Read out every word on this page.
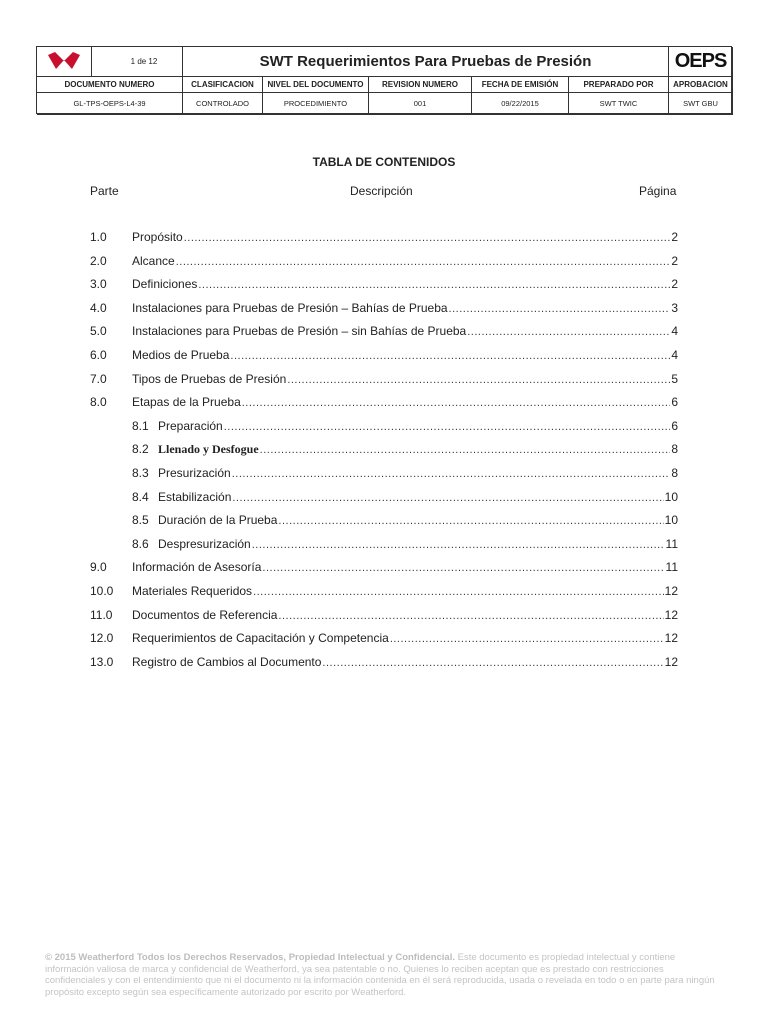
1 de 12	SWT Requerimientos Para Pruebas de Presión	OEPS
DOCUMENTO NUMERO	CLASIFICACION	NIVEL DEL DOCUMENTO	REVISION NUMERO	FECHA DE EMISIÓN	PREPARADO POR	APROBACION
GL-TPS-OEPS-L4-39	CONTROLADO	PROCEDIMIENTO	001	09/22/2015	SWT TWIC	SWT GBU
TABLA DE CONTENIDOS
Parte	Descripción	Página
1.0 Propósito .....	2
2.0 Alcance .....	2
3.0 Definiciones .....	2
4.0 Instalaciones para Pruebas de Presión – Bahías de Prueba .....	3
5.0 Instalaciones para Pruebas de Presión – sin Bahías de Prueba .....	4
6.0 Medios de Prueba .....	4
7.0 Tipos de Pruebas de Presión .....	5
8.0 Etapas de la Prueba .....	6
8.1 Preparación .....	6
8.2 Llenado y Desfogue .....	8
8.3 Presurización .....	8
8.4 Estabilización .....	10
8.5 Duración de la Prueba .....	10
8.6 Despresurización .....	11
9.0 Información de Asesoría .....	11
10.0 Materiales Requeridos .....	12
11.0 Documentos de Referencia .....	12
12.0 Requerimientos de Capacitación y Competencia .....	12
13.0 Registro de Cambios al Documento .....	12
© 2015 Weatherford Todos los Derechos Reservados, Propiedad Intelectual y Confidencial. Este documento es propiedad intelectual y contiene información valiosa de marca y confidencial de Weatherford, ya sea patentable o no. Quienes lo reciben aceptan que es prestado con restricciones confidenciales y con el entendimiento que ni el documento ni la información contenida en él será reproducida, usada o revelada en todo o en parte para ningún propósito excepto según sea específicamente autorizado por escrito por Weatherford.
